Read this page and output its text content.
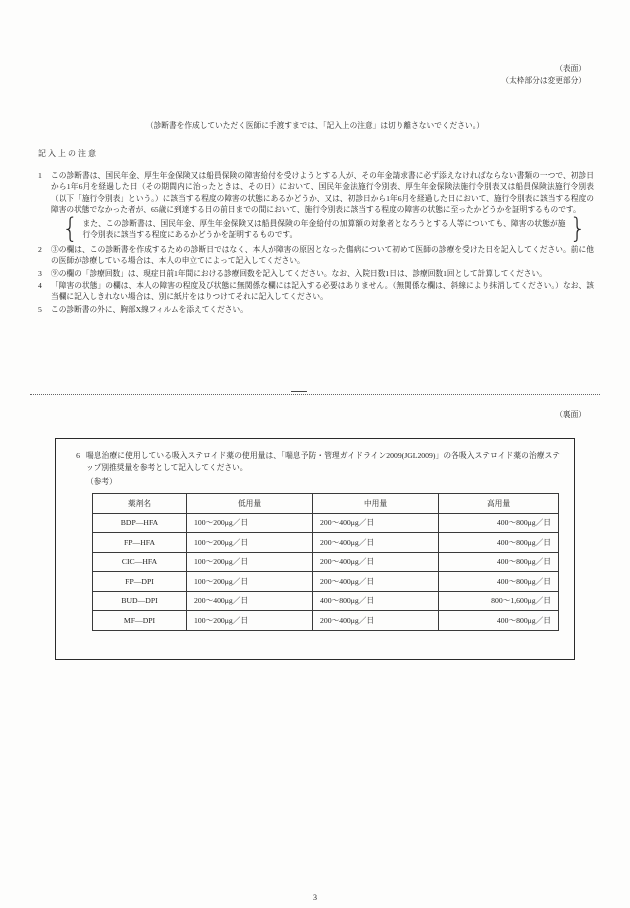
（表面）
（太枠部分は変更部分）
（診断書を作成していただく医師に手渡すまでは、「記入上の注意」は切り離さないでください。）
記入上の注意
1	この診断書は、国民年金、厚生年金保険又は船員保険の障害給付を受けようとする人が、その年金請求書に必ず添えなければならない書類の一つで、初診日から1年6月を経過した日（その期間内に治ったときは、その日）において、国民年金法施行令別表、厚生年金保険法施行令別表又は船員保険法施行令別表（以下「施行令別表」という。）に該当する程度の障害の状態にあるかどうか、又は、初診日から1年6月を経過した日において、施行令別表に該当する程度の障害の状態でなかった者が、65歳に到達する日の前日までの間において、施行令別表に該当する程度の障害の状態に至ったかどうかを証明するものです。
{ また、この診断書は、国民年金、厚生年金保険又は船員保険の年金給付の加算額の対象者となろうとする人等についても、障害の状態が施行令別表に該当する程度にあるかどうかを証明するものです。	}
2	③の欄は、この診断書を作成するための診断日ではなく、本人が障害の原因となった傷病について初めて医師の診療を受けた日を記入してください。前に他の医師が診療している場合は、本人の申立てによって記入してください。
3	⑨の欄の「診療回数」は、現症日前1年間における診療回数を記入してください。なお、入院日数1日は、診療回数1回として計算してください。
4	「障害の状態」の欄は、本人の障害の程度及び状態に無関係な欄には記入する必要はありません。（無関係な欄は、斜線により抹消してください。）なお、該当欄に記入しきれない場合は、別に紙片をはりつけてそれに記入してください。
5	この診断書の外に、胸部X線フィルムを添えてください。
（裏面）
6 喘息治療に使用している吸入ステロイド薬の使用量は、「喘息予防・管理ガイドライン2009(JGL2009)」の各吸入ステロイド薬の治療ステップ別推奨量を参考として記入してください。
（参考）
薬剤名	低用量	中用量	高用量
BDP—HFA	100～200μg／日	200～400μg／日	400～800μg／日
FP—HFA	100～200μg／日	200～400μg／日	400～800μg／日
CIC—HFA	100～200μg／日	200～400μg／日	400～800μg／日
FP—DPI	100～200μg／日	200～400μg／日	400～800μg／日
BUD—DPI	200～400μg／日	400～800μg／日	800～1,600μg／日
MF—DPI	100～200μg／日	200～400μg／日	400～800μg／日
3
